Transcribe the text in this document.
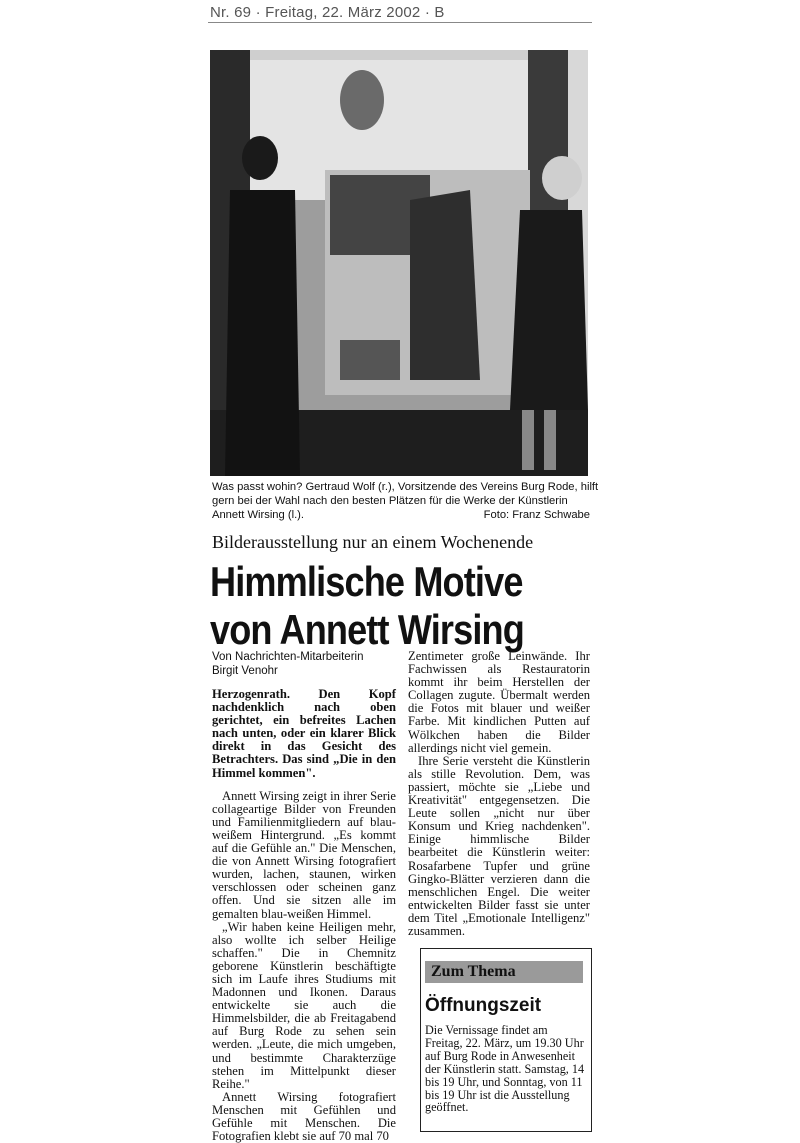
Nr. 69 · Freitag, 22. März 2002 · B
Was passt wohin? Gertraud Wolf (r.), Vorsitzende des Vereins Burg Rode, hilft
gern bei der Wahl nach den besten Plätzen für die Werke der Künstlerin
Annett Wirsing (l.).	Foto: Franz Schwabe
Bilderausstellung nur an einem Wochenende
Himmlische Motive
von Annett Wirsing
Von Nachrichten-Mitarbeiterin
Birgit Venohr

Herzogenrath. Den Kopf nachdenklich nach oben gerichtet, ein befreites Lachen nach unten, oder ein klarer Blick direkt in das Gesicht des Betrachters. Das sind „Die in den Himmel kommen".

Annett Wirsing zeigt in ihrer Serie collageartige Bilder von Freunden und Familienmitgliedern auf blau-weißem Hintergrund. „Es kommt auf die Gefühle an." Die Menschen, die von Annett Wirsing fotografiert wurden, lachen, staunen, wirken verschlossen oder scheinen ganz offen. Und sie sitzen alle im gemalten blau-weißen Himmel.

„Wir haben keine Heiligen mehr, also wollte ich selber Heilige schaffen." Die in Chemnitz geborene Künstlerin beschäftigte sich im Laufe ihres Studiums mit Madonnen und Ikonen. Daraus entwickelte sie auch die Himmelsbilder, die ab Freitagabend auf Burg Rode zu sehen sein werden. „Leute, die mich umgeben, und bestimmte Charakterzüge stehen im Mittelpunkt dieser Reihe."

Annett Wirsing fotografiert Menschen mit Gefühlen und Gefühle mit Menschen. Die Fotografien klebt sie auf 70 mal 70

Zentimeter große Leinwände. Ihr Fachwissen als Restauratorin kommt ihr beim Herstellen der Collagen zugute. Übermalt werden die Fotos mit blauer und weißer Farbe. Mit kindlichen Putten auf Wölkchen haben die Bilder allerdings nicht viel gemein.

Ihre Serie versteht die Künstlerin als stille Revolution. Dem, was passiert, möchte sie „Liebe und Kreativität" entgegensetzen. Die Leute sollen „nicht nur über Konsum und Krieg nachdenken". Einige himmlische Bilder bearbeitet die Künstlerin weiter: Rosafarbene Tupfer und grüne Gingko-Blätter verzieren dann die menschlichen Engel. Die weiter entwickelten Bilder fasst sie unter dem Titel „Emotionale Intelligenz" zusammen.

Zum Thema
Öffnungszeit
Die Vernissage findet am Freitag, 22. März, um 19.30 Uhr auf Burg Rode in Anwesenheit der Künstlerin statt. Samstag, 14 bis 19 Uhr, und Sonntag, von 11 bis 19 Uhr ist die Ausstellung geöffnet.
